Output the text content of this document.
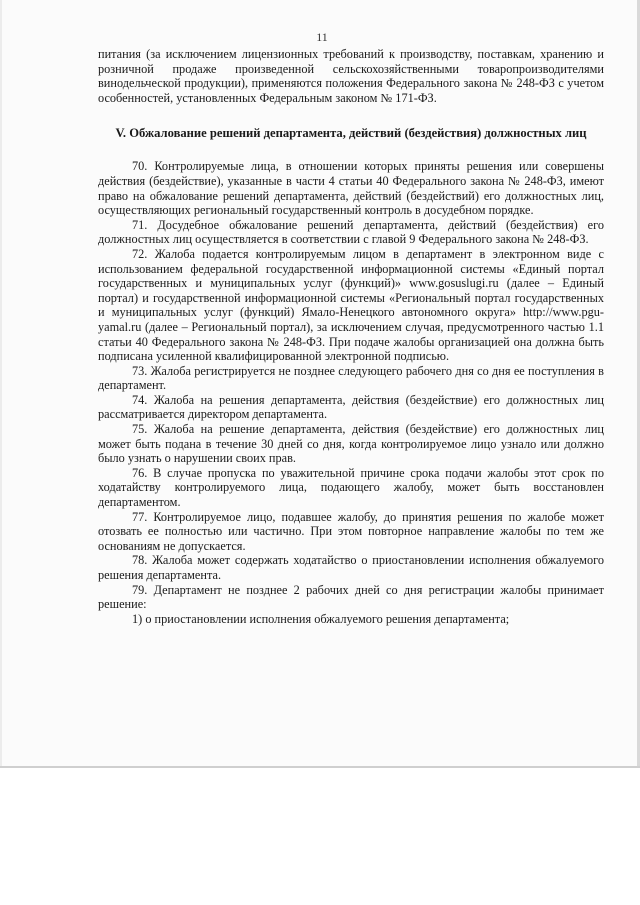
11

питания (за исключением лицензионных требований к производству, поставкам, хранению и розничной продаже произведенной сельскохозяйственными товаропроизводителями винодельческой продукции), применяются положения Федерального закона № 248-ФЗ с учетом особенностей, установленных Федеральным законом № 171-ФЗ.

V. Обжалование решений департамента, действий (бездействия) должностных лиц

70. Контролируемые лица, в отношении которых приняты решения или совершены действия (бездействие), указанные в части 4 статьи 40 Федерального закона № 248-ФЗ, имеют право на обжалование решений департамента, действий (бездействий) его должностных лиц, осуществляющих региональный государственный контроль в досудебном порядке.

71. Досудебное обжалование решений департамента, действий (бездействия) его должностных лиц осуществляется в соответствии с главой 9 Федерального закона № 248-ФЗ.

72. Жалоба подается контролируемым лицом в департамент в электронном виде с использованием федеральной государственной информационной системы «Единый портал государственных и муниципальных услуг (функций)» www.gosuslugi.ru (далее – Единый портал) и государственной информационной системы «Региональный портал государственных и муниципальных услуг (функций) Ямало-Ненецкого автономного округа» http://www.pgu-yamal.ru (далее – Региональный портал), за исключением случая, предусмотренного частью 1.1 статьи 40 Федерального закона № 248-ФЗ. При подаче жалобы организацией она должна быть подписана усиленной квалифицированной электронной подписью.

73. Жалоба регистрируется не позднее следующего рабочего дня со дня ее поступления в департамент.

74. Жалоба на решения департамента, действия (бездействие) его должностных лиц рассматривается директором департамента.

75. Жалоба на решение департамента, действия (бездействие) его должностных лиц может быть подана в течение 30 дней со дня, когда контролируемое лицо узнало или должно было узнать о нарушении своих прав.

76. В случае пропуска по уважительной причине срока подачи жалобы этот срок по ходатайству контролируемого лица, подающего жалобу, может быть восстановлен департаментом.

77. Контролируемое лицо, подавшее жалобу, до принятия решения по жалобе может отозвать ее полностью или частично. При этом повторное направление жалобы по тем же основаниям не допускается.

78. Жалоба может содержать ходатайство о приостановлении исполнения обжалуемого решения департамента.

79. Департамент не позднее 2 рабочих дней со дня регистрации жалобы принимает решение:

1) о приостановлении исполнения обжалуемого решения департамента;
